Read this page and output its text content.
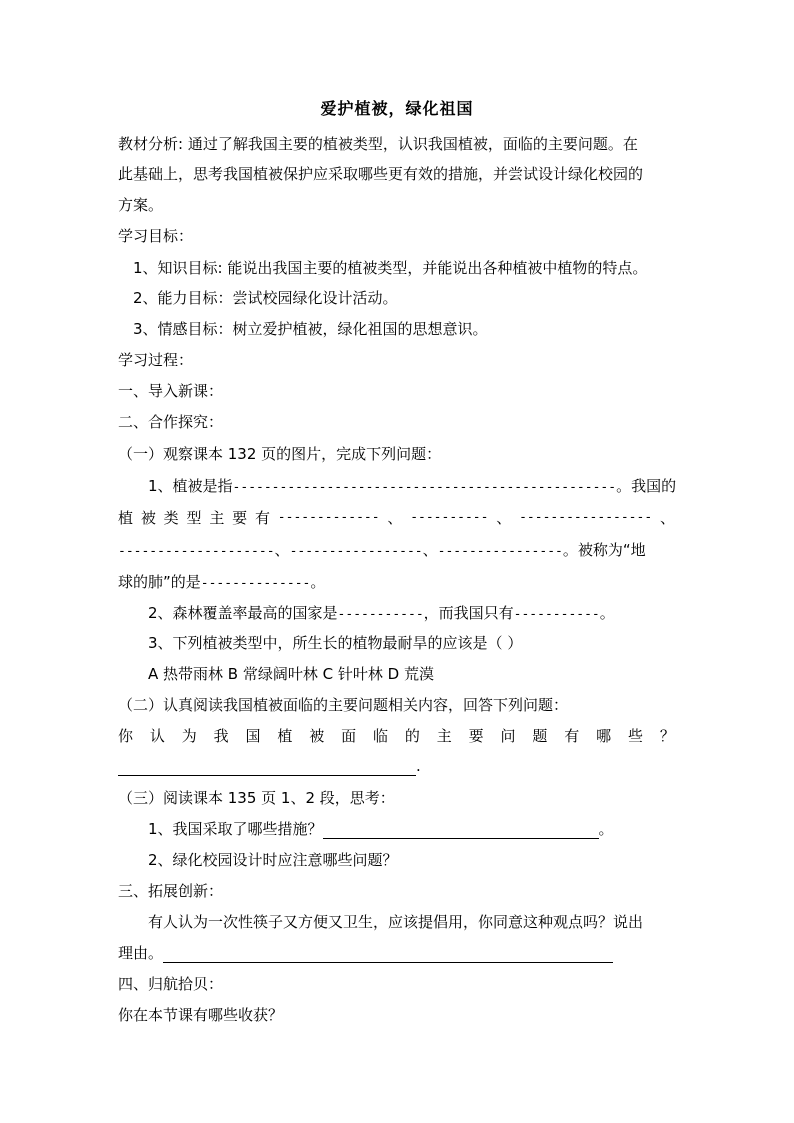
爱护植被，绿化祖国
教材分析: 通过了解我国主要的植被类型，认识我国植被，面临的主要问题。在
此基础上，思考我国植被保护应采取哪些更有效的措施，并尝试设计绿化校园的
方案。
学习目标：
1、知识目标: 能说出我国主要的植被类型，并能说出各种植被中植物的特点。
2、能力目标：尝试校园绿化设计活动。
3、情感目标：树立爱护植被，绿化祖国的思想意识。
学习过程：
一、导入新课：
二、合作探究：
（一）观察课本 132 页的图片，完成下列问题：
1、植被是指-------------------------------------------------。我国的
植 被 类 型 主 要 有 ------------- 、 ---------- 、 ----------------- 、
--------------------、-----------------、----------------。被称为“地
球的肺”的是--------------。
2、森林覆盖率最高的国家是-----------，而我国只有-----------。
3、下列植被类型中，所生长的植物最耐旱的应该是（ ）
A 热带雨林 B 常绿阔叶林 C 针叶林 D 荒漠
（二）认真阅读我国植被面临的主要问题相关内容，回答下列问题：
你 认 为 我 国 植 被 面 临 的 主 要 问 题 有 哪 些 ？
.
（三）阅读课本 135 页 1、2 段，思考：
1、我国采取了哪些措施？	。
2、绿化校园设计时应注意哪些问题？
三、拓展创新：
有人认为一次性筷子又方便又卫生，应该提倡用，你同意这种观点吗？说出
理由。
四、归航拾贝：
你在本节课有哪些收获？
